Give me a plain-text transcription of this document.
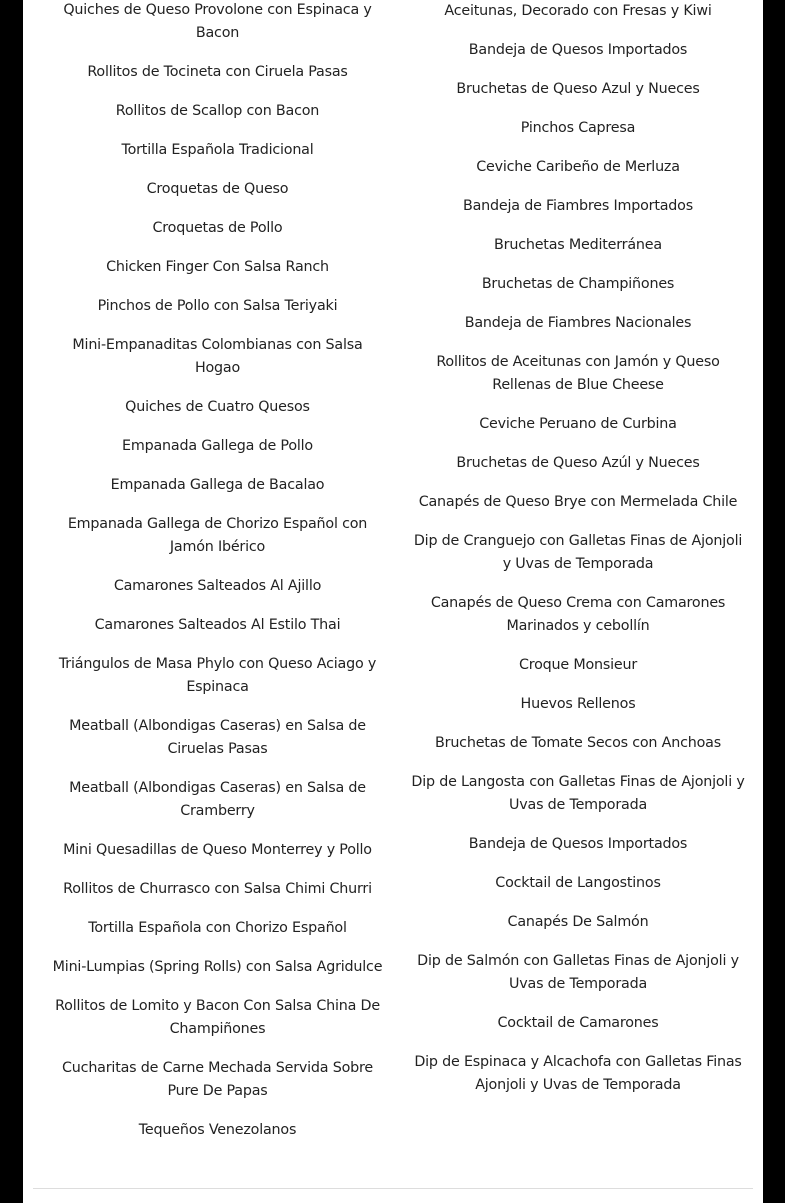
Quiches de Queso Provolone con Espinaca y Bacon

Rollitos de Tocineta con Ciruela Pasas

Rollitos de Scallop con Bacon

Tortilla Española Tradicional

Croquetas de Queso

Croquetas de Pollo

Chicken Finger Con Salsa Ranch

Pinchos de Pollo con Salsa Teriyaki

Mini-Empanaditas Colombianas con Salsa Hogao

Quiches de Cuatro Quesos

Empanada Gallega de Pollo

Empanada Gallega de Bacalao

Empanada Gallega de Chorizo Español con Jamón Ibérico

Camarones Salteados Al Ajillo

Camarones Salteados Al Estilo Thai

Triángulos de Masa Phylo con Queso Aciago y Espinaca

Meatball (Albondigas Caseras) en Salsa de Ciruelas Pasas

Meatball (Albondigas Caseras) en Salsa de Cramberry

Mini Quesadillas de Queso Monterrey y Pollo

Rollitos de Churrasco con Salsa Chimi Churri

Tortilla Española con Chorizo Español

Mini-Lumpias (Spring Rolls) con Salsa Agridulce

Rollitos de Lomito y Bacon Con Salsa China De Champiñones

Cucharitas de Carne Mechada Servida Sobre Pure De Papas

Tequeños Venezolanos

Aceitunas, Decorado con Fresas y Kiwi

Bandeja de Quesos Importados

Bruchetas de Queso Azul y Nueces

Pinchos Capresa

Ceviche Caribeño de Merluza

Bandeja de Fiambres Importados

Bruchetas Mediterránea

Bruchetas de Champiñones

Bandeja de Fiambres Nacionales

Rollitos de Aceitunas con Jamón y Queso Rellenas de Blue Cheese

Ceviche Peruano de Curbina

Bruchetas de Queso Azúl y Nueces

Canapés de Queso Brye con Mermelada Chile

Dip de Cranguejo con Galletas Finas de Ajonjoli y Uvas de Temporada

Canapés de Queso Crema con Camarones Marinados y cebollín

Croque Monsieur

Huevos Rellenos

Bruchetas de Tomate Secos con Anchoas

Dip de Langosta con Galletas Finas de Ajonjoli y Uvas de Temporada

Bandeja de Quesos Importados

Cocktail de Langostinos

Canapés De Salmón

Dip de Salmón con Galletas Finas de Ajonjoli y Uvas de Temporada

Cocktail de Camarones

Dip de Espinaca y Alcachofa con Galletas Finas Ajonjoli y Uvas de Temporada
